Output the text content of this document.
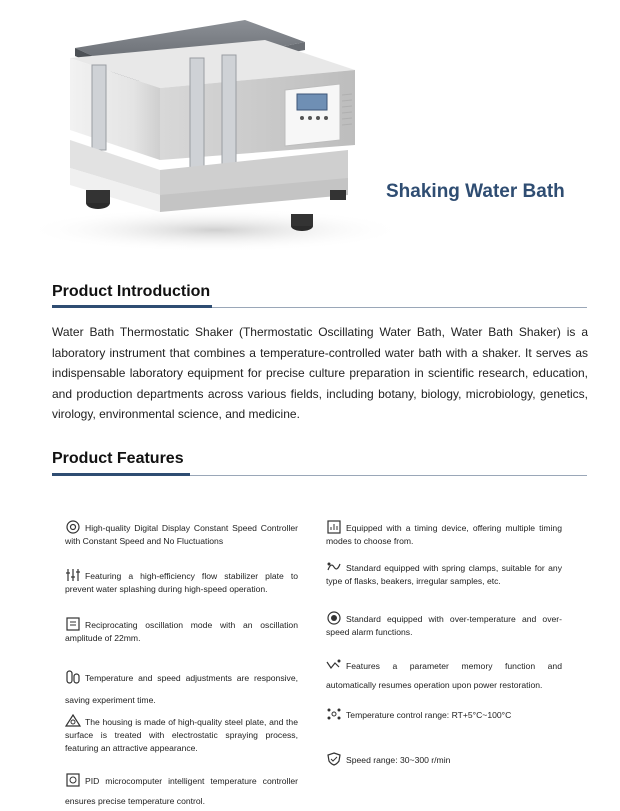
Shaking Water Bath
Product Introduction
Water Bath Thermostatic Shaker (Thermostatic Oscillating Water Bath, Water Bath Shaker) is a laboratory instrument that combines a temperature-controlled water bath with a shaker. It serves as indispensable laboratory equipment for precise culture preparation in scientific research, education, and production departments across various fields, including botany, biology, microbiology, genetics, virology, environmental science, and medicine.
Product Features
High-quality Digital Display Constant Speed Controller with Constant Speed and No Fluctuations
Featuring a high-efficiency flow stabilizer plate to prevent water splashing during high-speed operation.
Reciprocating oscillation mode with an oscillation amplitude of 22mm.
Temperature and speed adjustments are responsive, saving experiment time.
The housing is made of high-quality steel plate, and the surface is treated with electrostatic spraying process, featuring an attractive appearance.
PID microcomputer intelligent temperature controller ensures precise temperature control.
Equipped with a timing device, offering multiple timing modes to choose from.
Standard equipped with spring clamps, suitable for any type of flasks, beakers, irregular samples, etc.
Standard equipped with over-temperature and over-speed alarm functions.
Features a parameter memory function and automatically resumes operation upon power restoration.
Temperature control range: RT+5°C~100°C
Speed range: 30~300 r/min
